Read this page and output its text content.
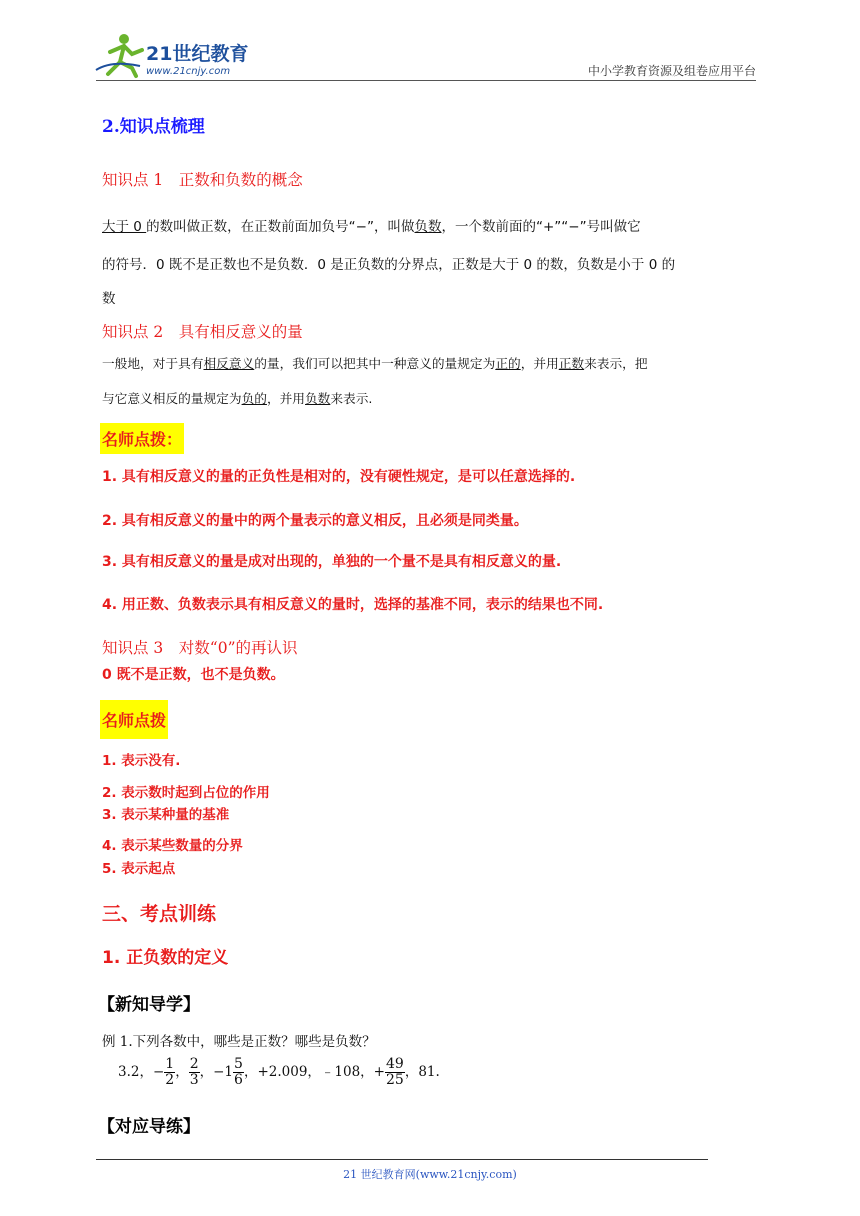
21世纪教育
www.21cnjy.com	中小学教育资源及组卷应用平台
2.知识点梳理
知识点 1　正数和负数的概念
大于 0 的数叫做正数，在正数前面加负号“−”，叫做负数，一个数前面的“+”“−”号叫做它
的符号．0 既不是正数也不是负数．0 是正负数的分界点，正数是大于 0 的数，负数是小于 0 的
数
知识点 2　具有相反意义的量
一般地，对于具有相反意义的量，我们可以把其中一种意义的量规定为正的，并用正数来表示，把
与它意义相反的量规定为负的，并用负数来表示.
名师点拨：
1. 具有相反意义的量的正负性是相对的，没有硬性规定，是可以任意选择的.
2. 具有相反意义的量中的两个量表示的意义相反，且必须是同类量。
3. 具有相反意义的量是成对出现的，单独的一个量不是具有相反意义的量.
4. 用正数、负数表示具有相反意义的量时，选择的基准不同，表示的结果也不同.
知识点 3　对数“0”的再认识
0 既不是正数，也不是负数。
名师点拨
1. 表示没有.
2. 表示数时起到占位的作用
3. 表示某种量的基准
4. 表示某些数量的分界
5. 表示起点
三、考点训练
1. 正负数的定义
【新知导学】
例 1.下列各数中，哪些是正数？哪些是负数？
3.2，− $\frac{1}{2}$ ， $\frac{2}{3}$ ，$-1 \frac{5}{6}$ ，+2.009，﹣108，+ $\frac{49}{25}$ ，81.
【对应导练】
21 世纪教育网(www.21cnjy.com)
